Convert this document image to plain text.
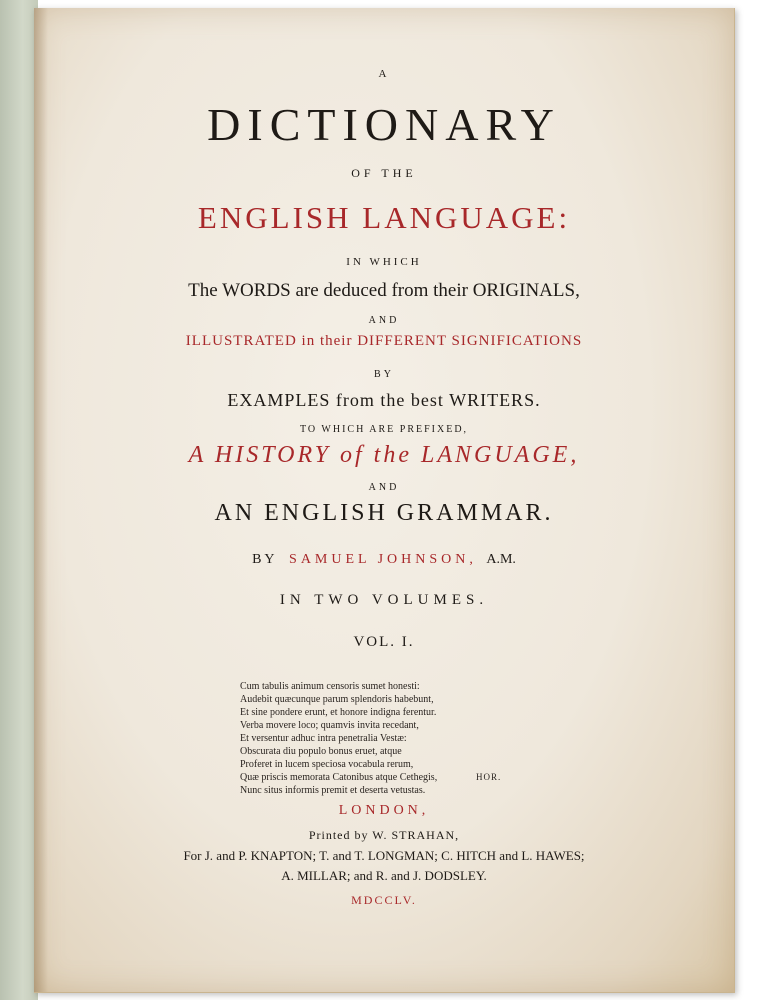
A

DICTIONARY

OF THE

ENGLISH LANGUAGE:

IN WHICH

The WORDS are deduced from their ORIGINALS,

AND

ILLUSTRATED in their DIFFERENT SIGNIFICATIONS

BY

EXAMPLES from the best WRITERS.

TO WHICH ARE PREFIXED,

A HISTORY of the LANGUAGE,

AND

AN ENGLISH GRAMMAR.

BY SAMUEL JOHNSON, A.M.

IN TWO VOLUMES.

VOL. I.

Cum tabulis animum censoris sumet honesti:
Audebit quæcunque parum splendoris habebunt,
Et sine pondere erunt, et honore indigna ferentur.
Verba movere loco; quamvis invita recedant,
Et versentur adhuc intra penetralia Vestæ:
Obscurata diu populo bonus eruet, atque
Proferet in lucem speciosa vocabula rerum,
Quæ priscis memorata Catonibus atque Cethegis,
Nunc situs informis premit et deserta vetustas.
HOR.

LONDON,

Printed by W. STRAHAN,

For J. and P. KNAPTON; T. and T. LONGMAN; C. HITCH and L. HAWES;

A. MILLAR; and R. and J. DODSLEY.

MDCCLV.
